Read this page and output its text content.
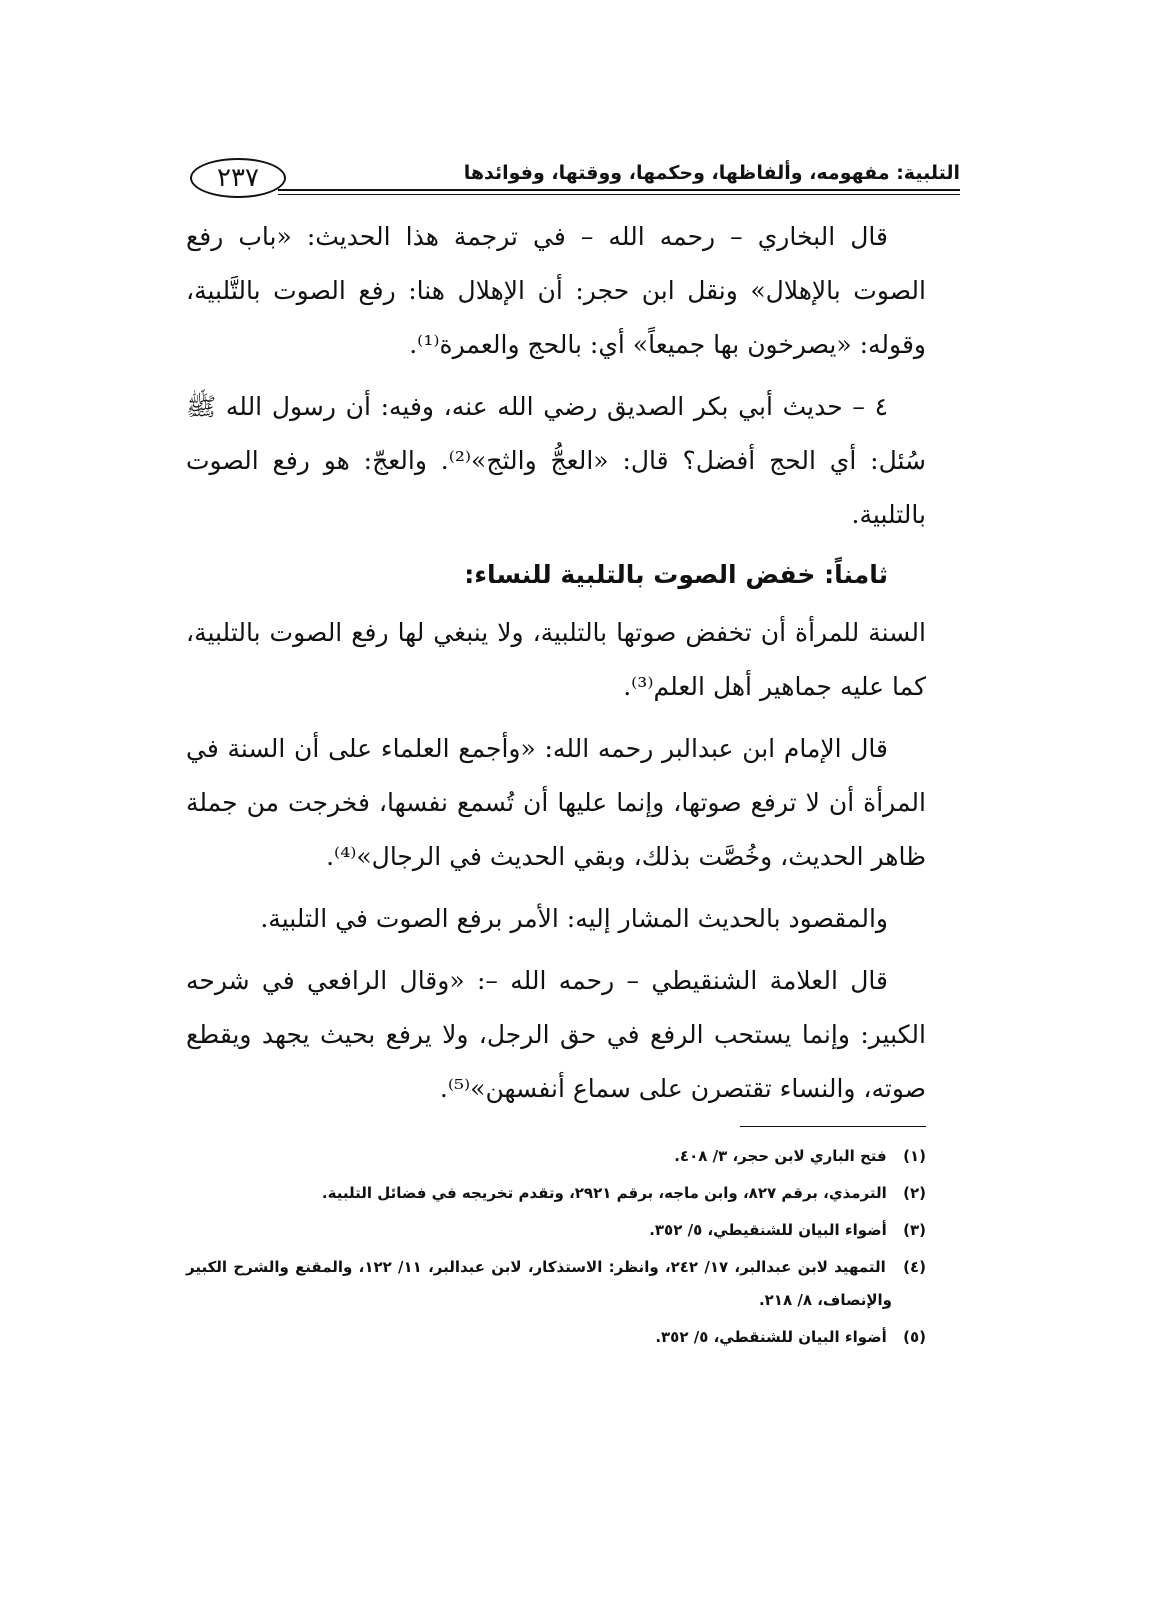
٢٣٧	التلبية: مفهومه، وألفاظها، وحكمها، ووقتها، وفوائدها

قال البخاري – رحمه الله – في ترجمة هذا الحديث: «باب رفع الصوت بالإهلال» ونقل ابن حجر: أن الإهلال هنا: رفع الصوت بالتَّلبية، وقوله: «يصرخون بها جميعاً» أي: بالحج والعمرة⁽¹⁾.

٤ – حديث أبي بكر الصديق رضي الله عنه، وفيه: أن رسول الله ﷺ سُئل: أي الحج أفضل؟ قال: «العجُّ والثج»⁽²⁾. والعجّ: هو رفع الصوت بالتلبية.

ثامناً: خفض الصوت بالتلبية للنساء:

السنة للمرأة أن تخفض صوتها بالتلبية، ولا ينبغي لها رفع الصوت بالتلبية، كما عليه جماهير أهل العلم⁽³⁾.

قال الإمام ابن عبدالبر رحمه الله: «وأجمع العلماء على أن السنة في المرأة أن لا ترفع صوتها، وإنما عليها أن تُسمع نفسها، فخرجت من جملة ظاهر الحديث، وخُصَّت بذلك، وبقي الحديث في الرجال»⁽⁴⁾.

والمقصود بالحديث المشار إليه: الأمر برفع الصوت في التلبية.

قال العلامة الشنقيطي – رحمه الله –: «وقال الرافعي في شرحه الكبير: وإنما يستحب الرفع في حق الرجل، ولا يرفع بحيث يجهد ويقطع صوته، والنساء تقتصرن على سماع أنفسهن»⁽⁵⁾.

(١) فتح الباري لابن حجر، ٣/ ٤٠٨.
(٢) الترمذي، برقم ٨٢٧، وابن ماجه، برقم ٢٩٢١، وتقدم تخريجه في فضائل التلبية.
(٣) أضواء البيان للشنقيطي، ٥/ ٣٥٢.
(٤) التمهيد لابن عبدالبر، ١٧/ ٢٤٢، وانظر: الاستذكار، لابن عبدالبر، ١١/ ١٢٢، والمقنع والشرح الكبير والإنصاف، ٨/ ٢١٨.
(٥) أضواء البيان للشنقطي، ٥/ ٣٥٢.
